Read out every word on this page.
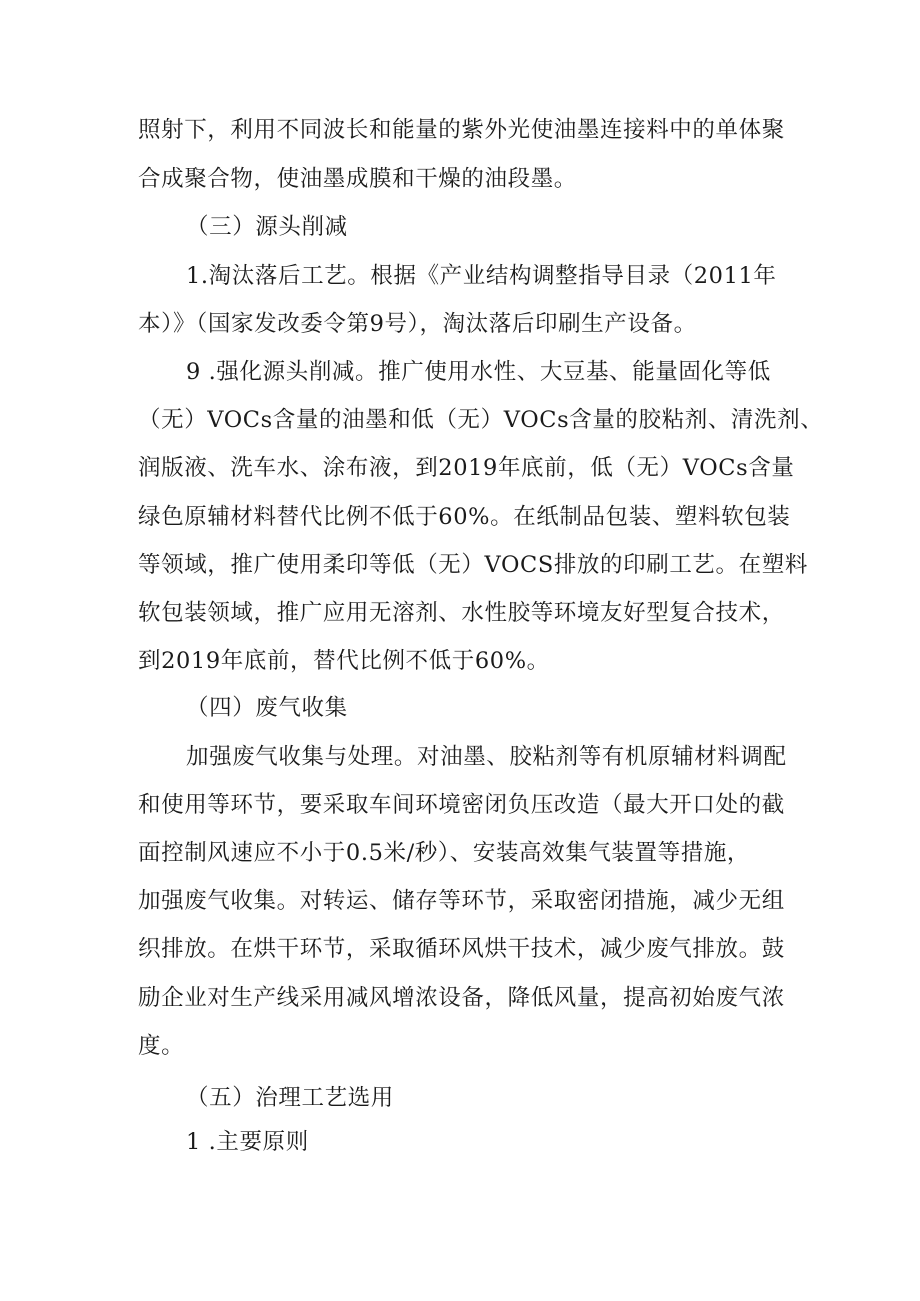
照射下，利用不同波长和能量的紫外光使油墨连接料中的单体聚
合成聚合物，使油墨成膜和干燥的油段墨。
（三）源头削减
1.淘汰落后工艺。根据《产业结构调整指导目录（2011年
本）》（国家发改委令第9号），淘汰落后印刷生产设备。
9 .强化源头削减。推广使用水性、大豆基、能量固化等低
（无）VOCs含量的油墨和低（无）VOCs含量的胶粘剂、清洗剂、
润版液、洗车水、涂布液，到2019年底前，低（无）VOCs含量
绿色原辅材料替代比例不低于60%。在纸制品包装、塑料软包装
等领域，推广使用柔印等低（无）VOCS排放的印刷工艺。在塑料
软包装领域，推广应用无溶剂、水性胶等环境友好型复合技术，
到2019年底前，替代比例不低于60%。
（四）废气收集
加强废气收集与处理。对油墨、胶粘剂等有机原辅材料调配
和使用等环节，要采取车间环境密闭负压改造（最大开口处的截
面控制风速应不小于0.5米/秒）、安装高效集气装置等措施，
加强废气收集。对转运、储存等环节，采取密闭措施，减少无组
织排放。在烘干环节，采取循环风烘干技术，减少废气排放。鼓
励企业对生产线采用减风增浓设备，降低风量，提高初始废气浓
度。
（五）治理工艺选用
1 .主要原则
